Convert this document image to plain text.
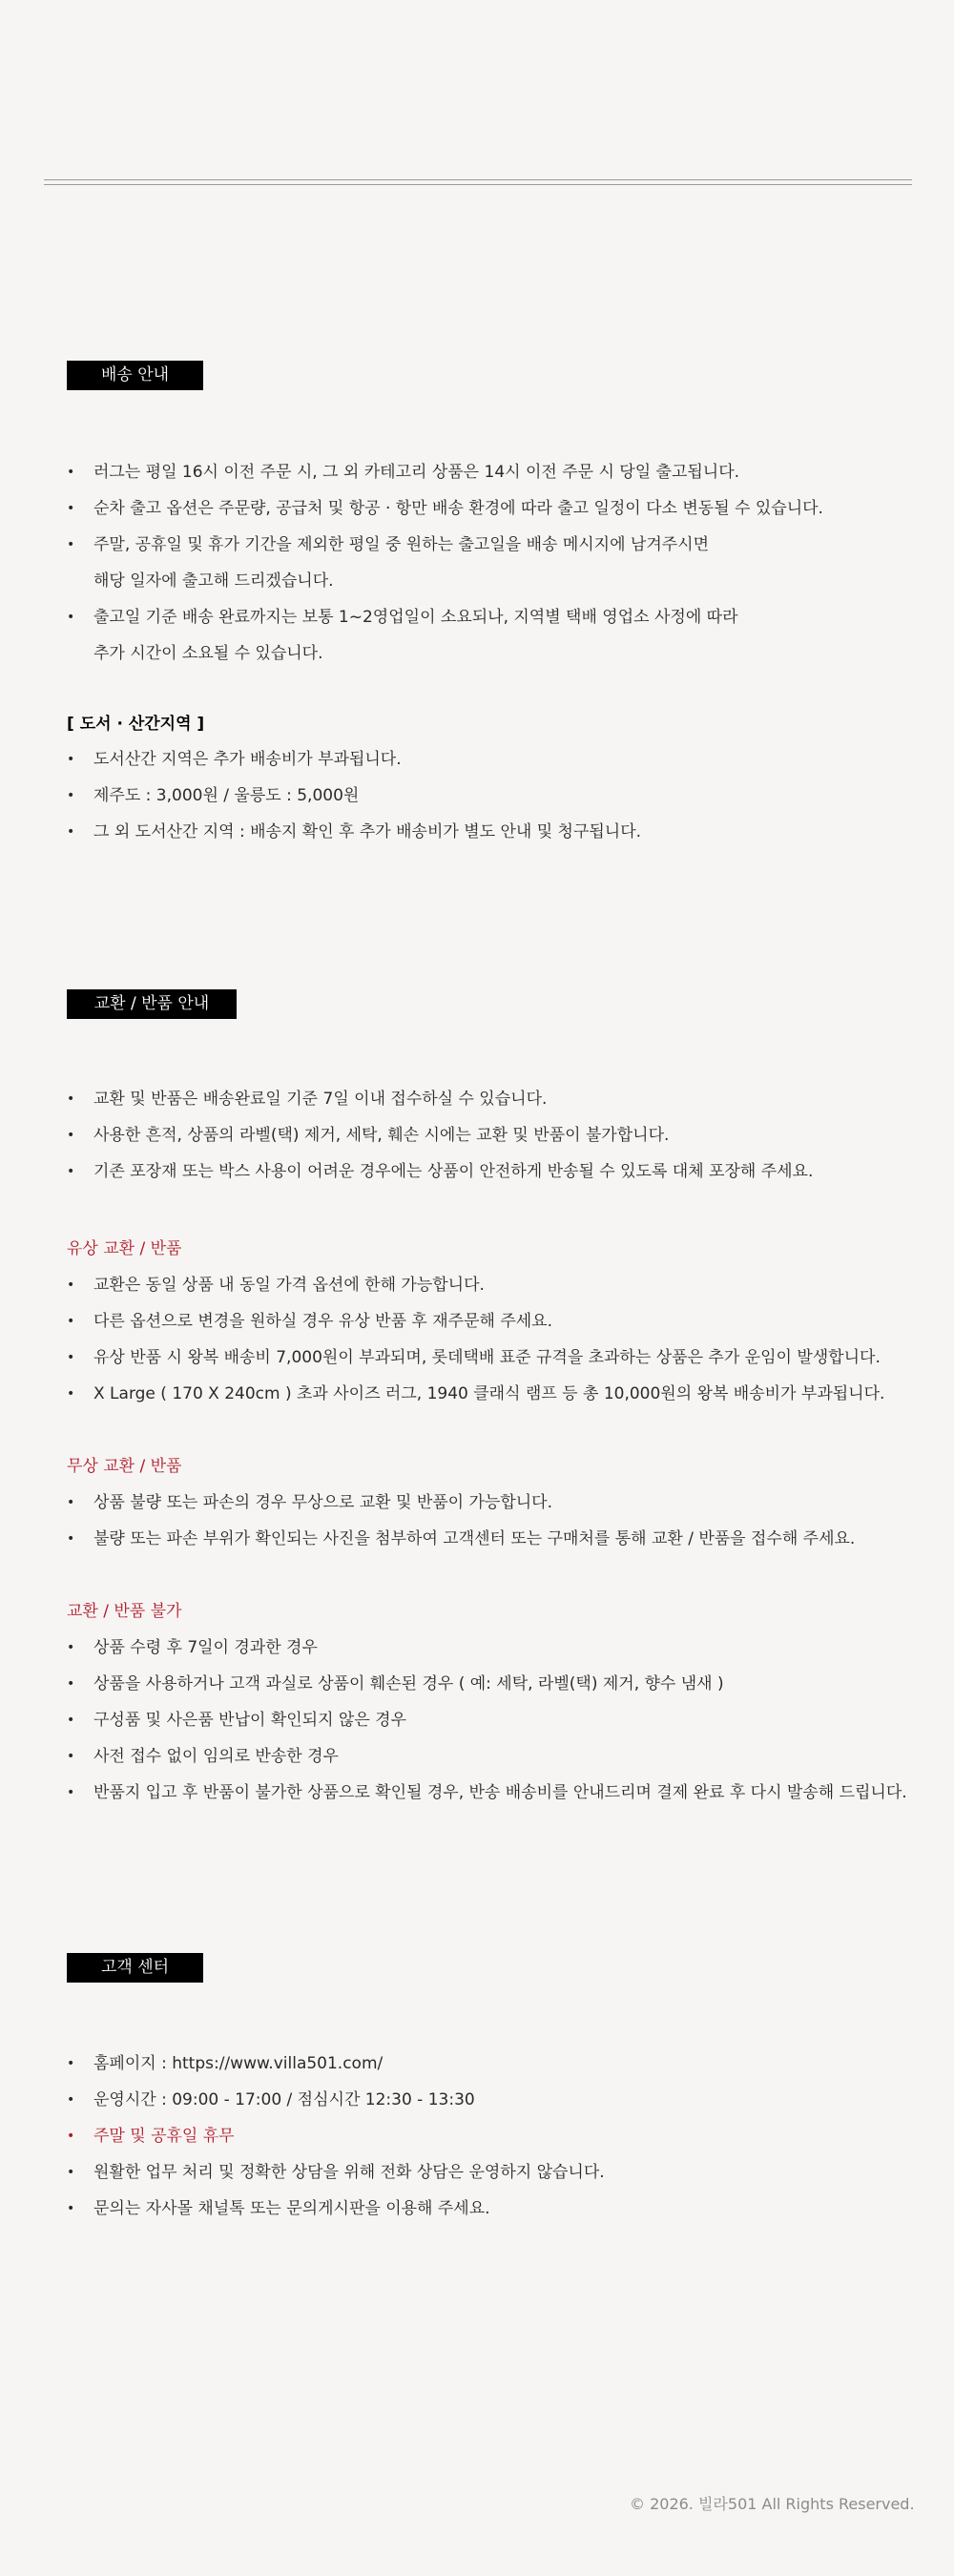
배송 안내
• 러그는 평일 16시 이전 주문 시, 그 외 카테고리 상품은 14시 이전 주문 시 당일 출고됩니다.
• 순차 출고 옵션은 주문량, 공급처 및 항공 · 항만 배송 환경에 따라 출고 일정이 다소 변동될 수 있습니다.
• 주말, 공휴일 및 휴가 기간을 제외한 평일 중 원하는 출고일을 배송 메시지에 남겨주시면
해당 일자에 출고해 드리겠습니다.
• 출고일 기준 배송 완료까지는 보통 1~2영업일이 소요되나, 지역별 택배 영업소 사정에 따라
추가 시간이 소요될 수 있습니다.
[ 도서 · 산간지역 ]
• 도서산간 지역은 추가 배송비가 부과됩니다.
• 제주도 : 3,000원 / 울릉도 : 5,000원
• 그 외 도서산간 지역 : 배송지 확인 후 추가 배송비가 별도 안내 및 청구됩니다.
교환 / 반품 안내
• 교환 및 반품은 배송완료일 기준 7일 이내 접수하실 수 있습니다.
• 사용한 흔적, 상품의 라벨(택) 제거, 세탁, 훼손 시에는 교환 및 반품이 불가합니다.
• 기존 포장재 또는 박스 사용이 어려운 경우에는 상품이 안전하게 반송될 수 있도록 대체 포장해 주세요.
유상 교환 / 반품
• 교환은 동일 상품 내 동일 가격 옵션에 한해 가능합니다.
• 다른 옵션으로 변경을 원하실 경우 유상 반품 후 재주문해 주세요.
• 유상 반품 시 왕복 배송비 7,000원이 부과되며, 롯데택배 표준 규격을 초과하는 상품은 추가 운임이 발생합니다.
• X Large ( 170 X 240cm ) 초과 사이즈 러그, 1940 클래식 램프 등 총 10,000원의 왕복 배송비가 부과됩니다.
무상 교환 / 반품
• 상품 불량 또는 파손의 경우 무상으로 교환 및 반품이 가능합니다.
• 불량 또는 파손 부위가 확인되는 사진을 첨부하여 고객센터 또는 구매처를 통해 교환 / 반품을 접수해 주세요.
교환 / 반품 불가
• 상품 수령 후 7일이 경과한 경우
• 상품을 사용하거나 고객 과실로 상품이 훼손된 경우 ( 예: 세탁, 라벨(택) 제거, 향수 냄새 )
• 구성품 및 사은품 반납이 확인되지 않은 경우
• 사전 접수 없이 임의로 반송한 경우
• 반품지 입고 후 반품이 불가한 상품으로 확인될 경우, 반송 배송비를 안내드리며 결제 완료 후 다시 발송해 드립니다.
고객 센터
• 홈페이지 : https://www.villa501.com/
• 운영시간 : 09:00 - 17:00 / 점심시간 12:30 - 13:30
• 주말 및 공휴일 휴무
• 원활한 업무 처리 및 정확한 상담을 위해 전화 상담은 운영하지 않습니다.
• 문의는 자사몰 채널톡 또는 문의게시판을 이용해 주세요.
© 2026. 빌라501 All Rights Reserved.
